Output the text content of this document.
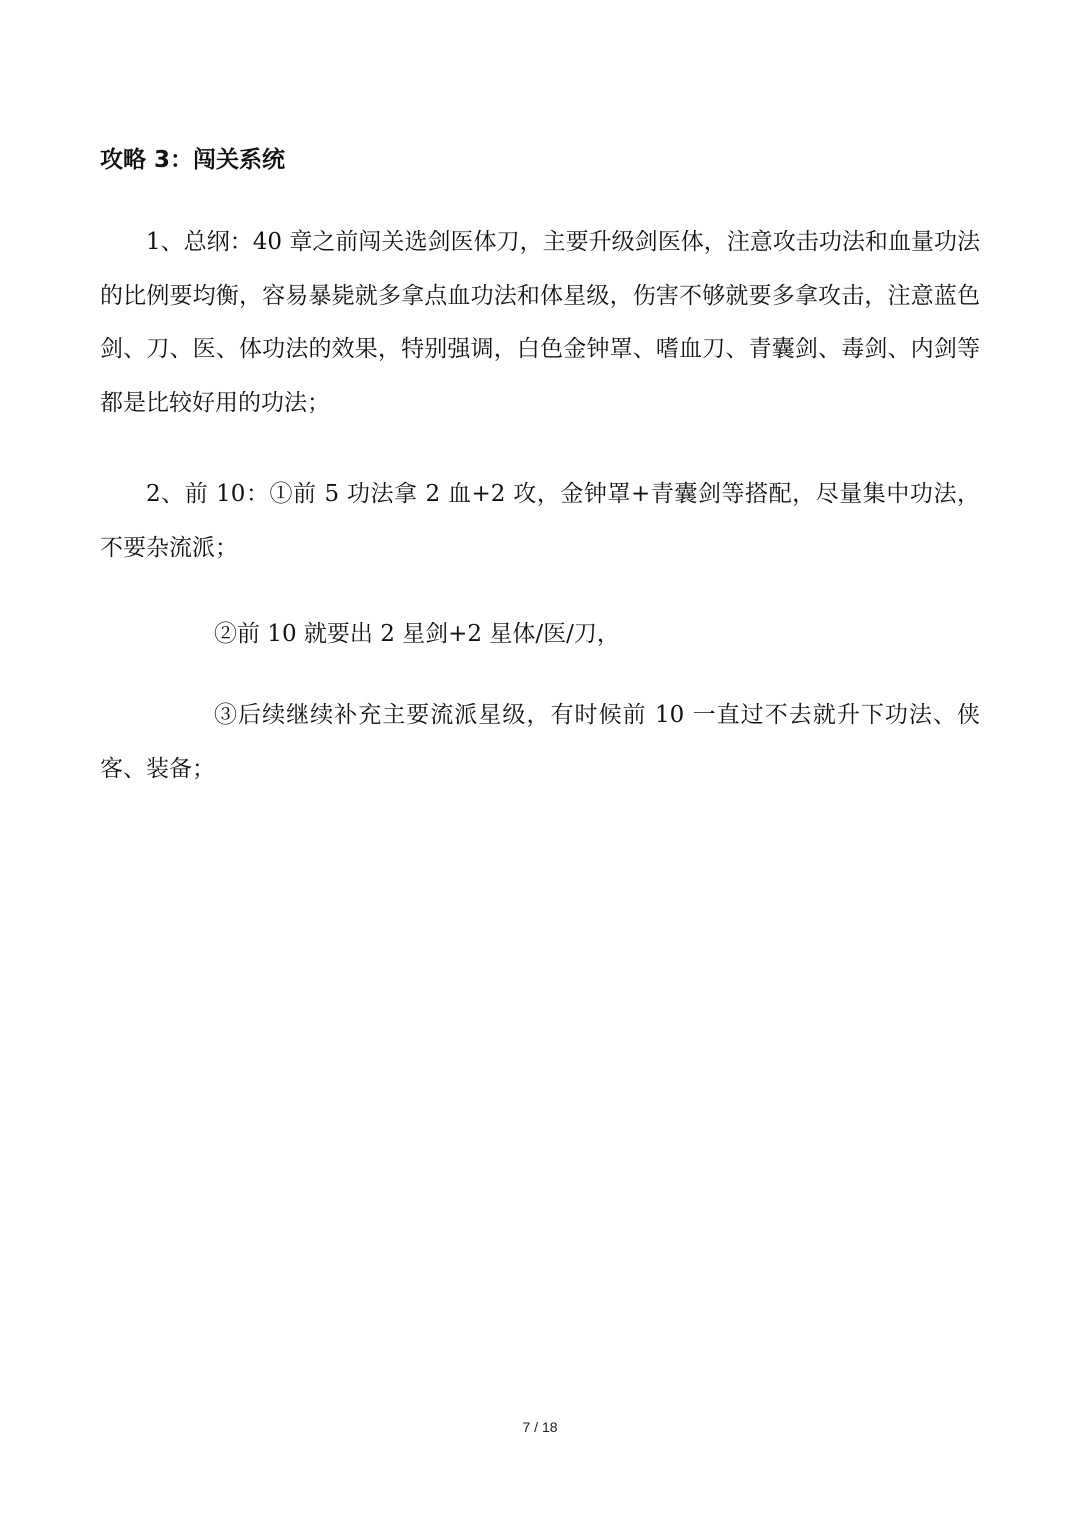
攻略 3：闯关系统
1、总纲：40 章之前闯关选剑医体刀，主要升级剑医体，注意攻击功法和血量功法的比例要均衡，容易暴毙就多拿点血功法和体星级，伤害不够就要多拿攻击，注意蓝色剑、刀、医、体功法的效果，特别强调，白色金钟罩、嗜血刀、青囊剑、毒剑、内剑等都是比较好用的功法；
2、前 10：①前 5 功法拿 2 血+2 攻，金钟罩+青囊剑等搭配，尽量集中功法，不要杂流派；
②前 10 就要出 2 星剑+2 星体/医/刀，
③后续继续补充主要流派星级，有时候前 10 一直过不去就升下功法、侠客、装备；
7 / 18
